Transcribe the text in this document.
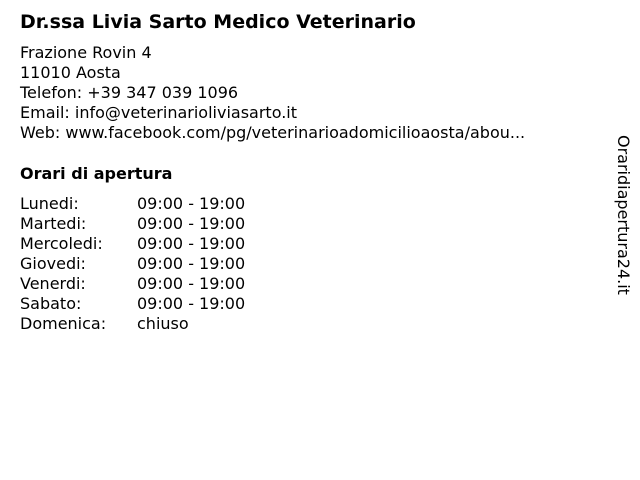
Dr.ssa Livia Sarto Medico Veterinario
Frazione Rovin 4
11010 Aosta
Telefon: +39 347 039 1096
Email: info@veterinarioliviasarto.it
Web: www.facebook.com/pg/veterinarioadomicilioaosta/abou...
Orari di apertura
Lunedi:	09:00 - 19:00
Martedi:	09:00 - 19:00
Mercoledi:	09:00 - 19:00
Giovedi:	09:00 - 19:00
Venerdi:	09:00 - 19:00
Sabato:	09:00 - 19:00
Domenica:	chiuso
Oraridiapertura24.it
